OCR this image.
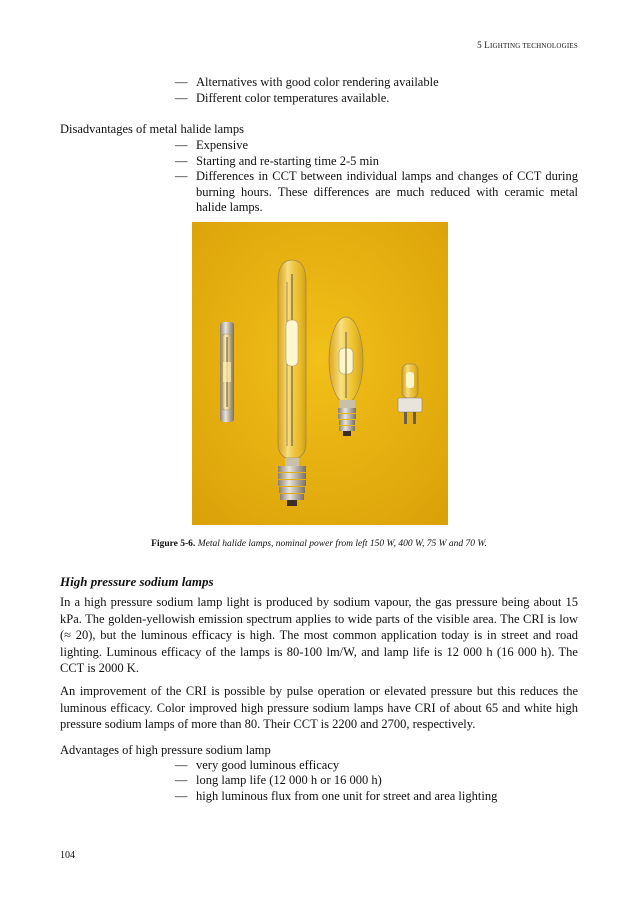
5 LIGHTING TECHNOLOGIES
— Alternatives with good color rendering available
— Different color temperatures available.
Disadvantages of metal halide lamps
— Expensive
— Starting and re-starting time 2-5 min
— Differences in CCT between individual lamps and changes of CCT during burning hours. These differences are much reduced with ceramic metal halide lamps.
Figure 5-6. Metal halide lamps, nominal power from left 150 W, 400 W, 75 W and 70 W.
High pressure sodium lamps
In a high pressure sodium lamp light is produced by sodium vapour, the gas pressure being about 15 kPa. The golden-yellowish emission spectrum applies to wide parts of the visible area. The CRI is low (≈ 20), but the luminous efficacy is high. The most common application today is in street and road lighting. Luminous efficacy of the lamps is 80-100 lm/W, and lamp life is 12 000 h (16 000 h). The CCT is 2000 K.
An improvement of the CRI is possible by pulse operation or elevated pressure but this reduces the luminous efficacy. Color improved high pressure sodium lamps have CRI of about 65 and white high pressure sodium lamps of more than 80. Their CCT is 2200 and 2700, respectively.
Advantages of high pressure sodium lamp
— very good luminous efficacy
— long lamp life (12 000 h or 16 000 h)
— high luminous flux from one unit for street and area lighting
104
